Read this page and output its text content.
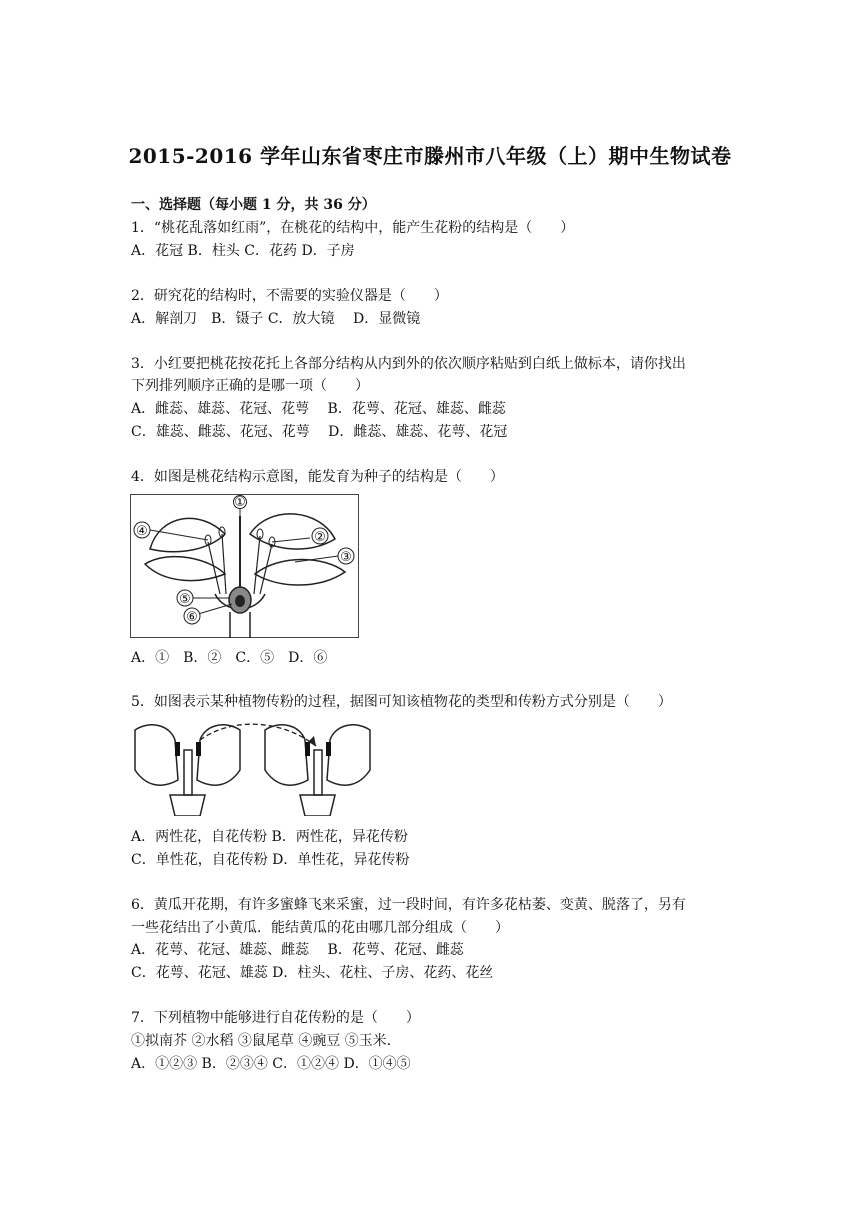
2015-2016 学年山东省枣庄市滕州市八年级（上）期中生物试卷
一、选择题（每小题 1 分，共 36 分）
1．“桃花乱落如红雨”，在桃花的结构中，能产生花粉的结构是（　　）
A．花冠 B．柱头 C．花药 D．子房
2．研究花的结构时，不需要的实验仪器是（　　）
A．解剖刀　B．镊子 C．放大镜　 D．显微镜
3．小红要把桃花按花托上各部分结构从内到外的依次顺序粘贴到白纸上做标本，请你找出
下列排列顺序正确的是哪一项（　　）
A．雌蕊、雄蕊、花冠、花萼　 B．花萼、花冠、雄蕊、雌蕊
C．雄蕊、雌蕊、花冠、花萼　 D．雌蕊、雄蕊、花萼、花冠
4．如图是桃花结构示意图，能发育为种子的结构是（　　）
①
②
③
④
⑤
⑥
A．①　B．②　C．⑤　D．⑥
5．如图表示某种植物传粉的过程，据图可知该植物花的类型和传粉方式分别是（　　）
A．两性花，自花传粉 B．两性花，异花传粉
C．单性花，自花传粉 D．单性花，异花传粉
6．黄瓜开花期，有许多蜜蜂飞来采蜜，过一段时间，有许多花枯萎、变黄、脱落了，另有
一些花结出了小黄瓜．能结黄瓜的花由哪几部分组成（　　）
A．花萼、花冠、雄蕊、雌蕊　 B．花萼、花冠、雌蕊
C．花萼、花冠、雄蕊 D．柱头、花柱、子房、花药、花丝
7．下列植物中能够进行自花传粉的是（　　）
①拟南芥 ②水稻 ③鼠尾草 ④豌豆 ⑤玉米．
A．①②③ B．②③④ C．①②④ D．①④⑤
